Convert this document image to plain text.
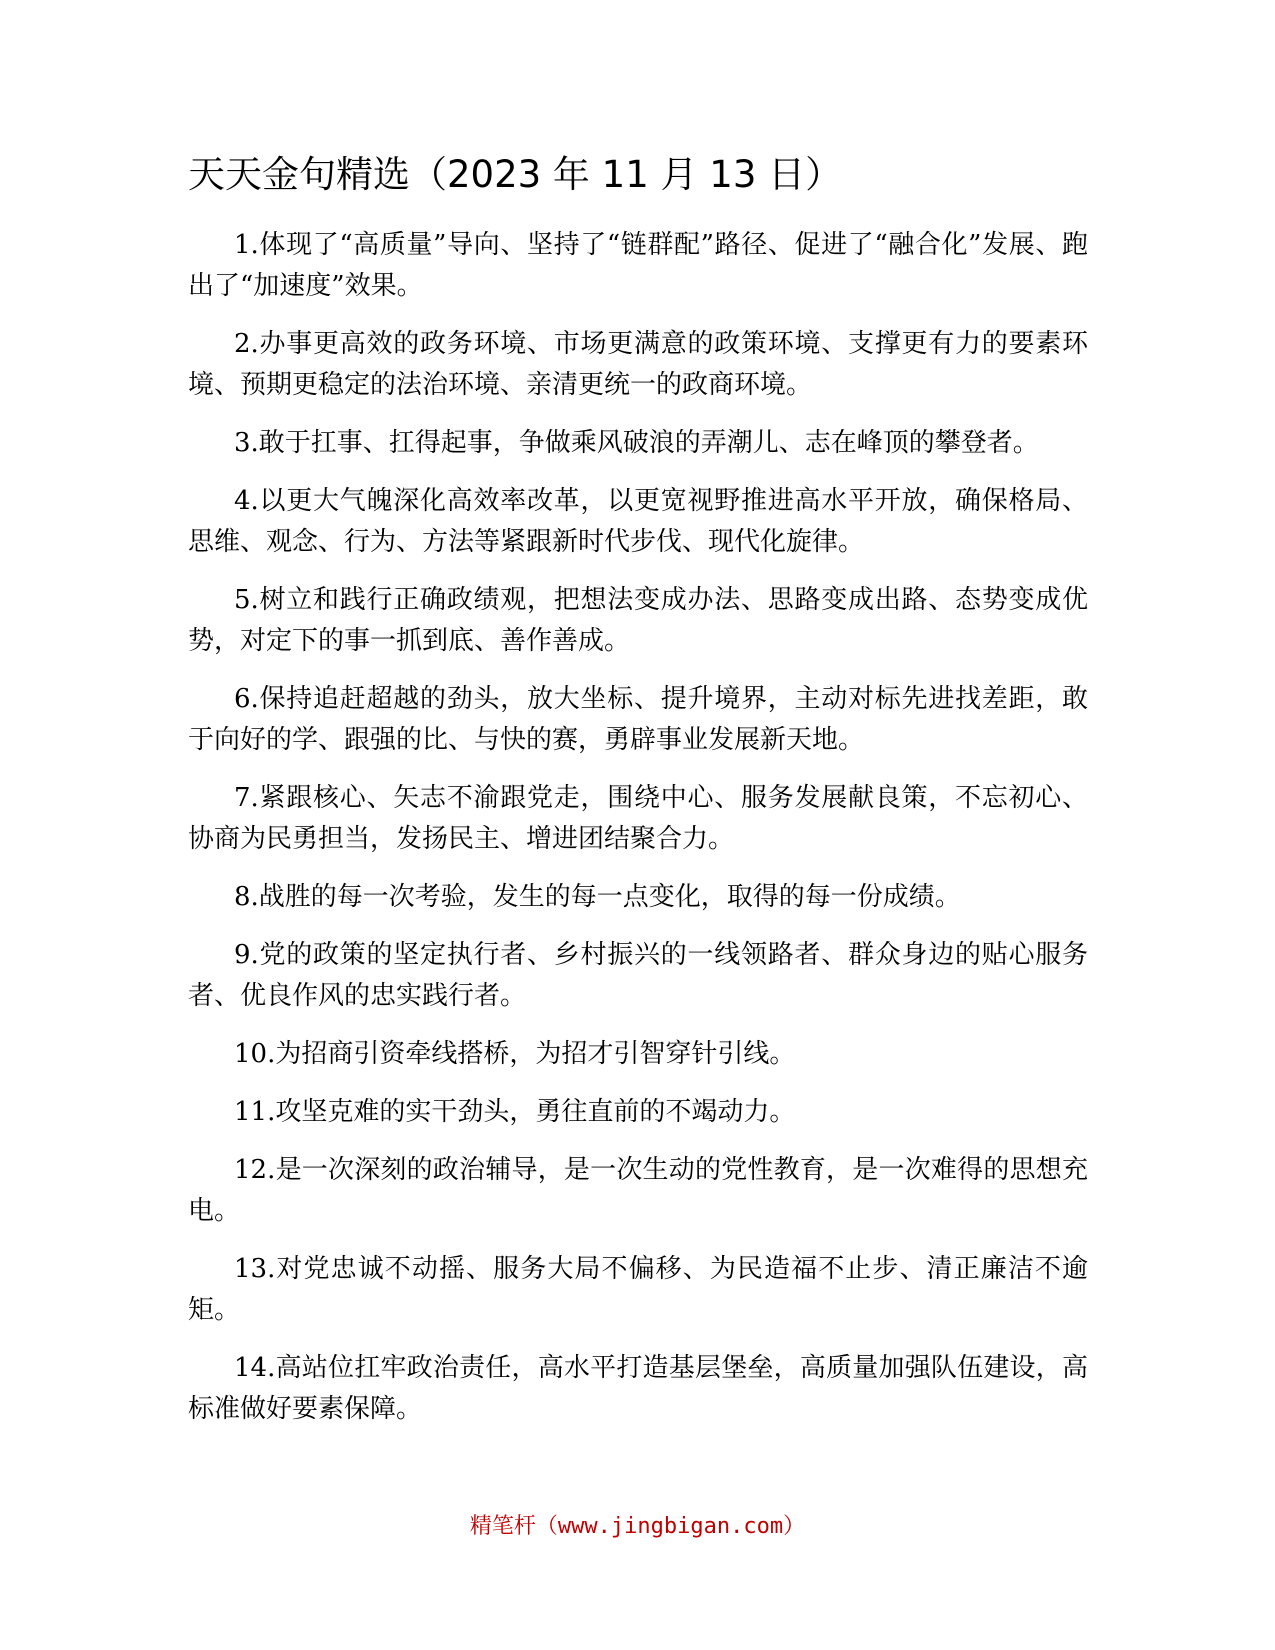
天天金句精选（2023 年 11 月 13 日）

1.体现了“高质量”导向、坚持了“链群配”路径、促进了“融合化”发展、跑出了“加速度”效果。

2.办事更高效的政务环境、市场更满意的政策环境、支撑更有力的要素环境、预期更稳定的法治环境、亲清更统一的政商环境。

3.敢于扛事、扛得起事，争做乘风破浪的弄潮儿、志在峰顶的攀登者。

4.以更大气魄深化高效率改革，以更宽视野推进高水平开放，确保格局、思维、观念、行为、方法等紧跟新时代步伐、现代化旋律。

5.树立和践行正确政绩观，把想法变成办法、思路变成出路、态势变成优势，对定下的事一抓到底、善作善成。

6.保持追赶超越的劲头，放大坐标、提升境界，主动对标先进找差距，敢于向好的学、跟强的比、与快的赛，勇辟事业发展新天地。

7.紧跟核心、矢志不渝跟党走，围绕中心、服务发展献良策，不忘初心、协商为民勇担当，发扬民主、增进团结聚合力。

8.战胜的每一次考验，发生的每一点变化，取得的每一份成绩。

9.党的政策的坚定执行者、乡村振兴的一线领路者、群众身边的贴心服务者、优良作风的忠实践行者。

10.为招商引资牵线搭桥，为招才引智穿针引线。

11.攻坚克难的实干劲头，勇往直前的不竭动力。

12.是一次深刻的政治辅导，是一次生动的党性教育，是一次难得的思想充电。

13.对党忠诚不动摇、服务大局不偏移、为民造福不止步、清正廉洁不逾矩。

14.高站位扛牢政治责任，高水平打造基层堡垒，高质量加强队伍建设，高标准做好要素保障。

精笔杆（www.jingbigan.com）
